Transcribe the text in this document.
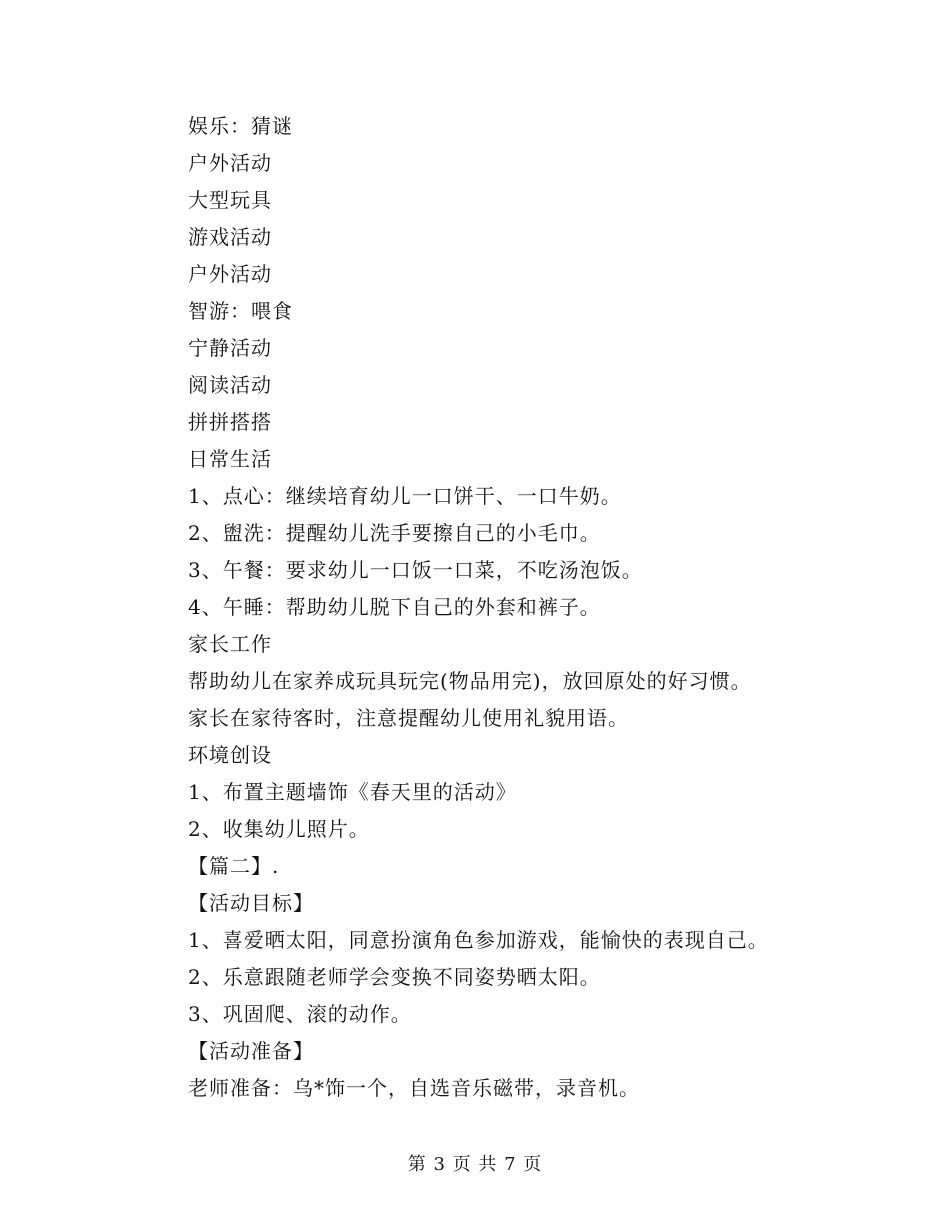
娱乐：猜谜
户外活动
大型玩具
游戏活动
户外活动
智游：喂食
宁静活动
阅读活动
拼拼搭搭
日常生活
1、点心：继续培育幼儿一口饼干、一口牛奶。
2、盥洗：提醒幼儿洗手要擦自己的小毛巾。
3、午餐：要求幼儿一口饭一口菜，不吃汤泡饭。
4、午睡：帮助幼儿脱下自己的外套和裤子。
家长工作
帮助幼儿在家养成玩具玩完(物品用完)，放回原处的好习惯。
家长在家待客时，注意提醒幼儿使用礼貌用语。
环境创设
1、布置主题墙饰《春天里的活动》
2、收集幼儿照片。
【篇二】.
【活动目标】
1、喜爱晒太阳，同意扮演角色参加游戏，能愉快的表现自己。
2、乐意跟随老师学会变换不同姿势晒太阳。
3、巩固爬、滚的动作。
【活动准备】
老师准备：乌*饰一个，自选音乐磁带，录音机。
第 3 页 共 7 页
